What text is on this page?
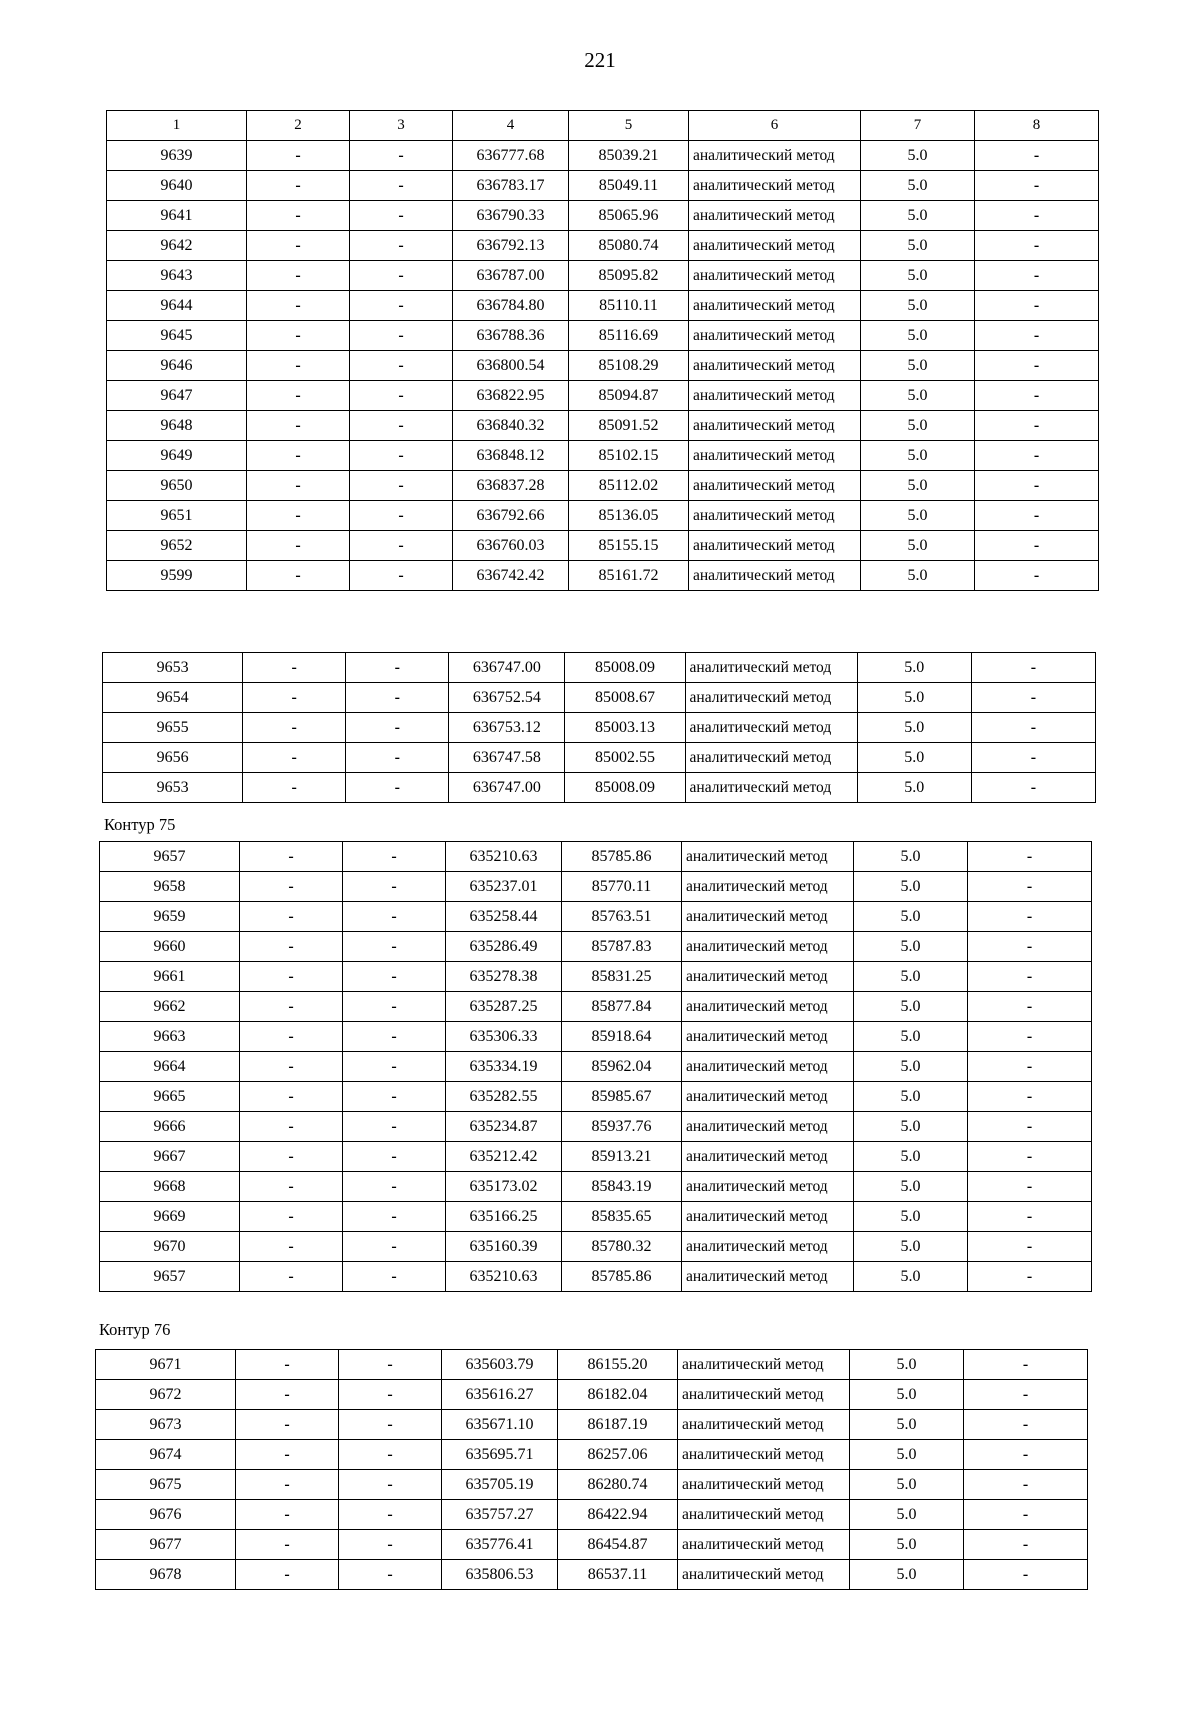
221
1	2	3	4	5	6	7	8
9639	-	-	636777.68	85039.21	аналитический метод	5.0	-
9640	-	-	636783.17	85049.11	аналитический метод	5.0	-
9641	-	-	636790.33	85065.96	аналитический метод	5.0	-
9642	-	-	636792.13	85080.74	аналитический метод	5.0	-
9643	-	-	636787.00	85095.82	аналитический метод	5.0	-
9644	-	-	636784.80	85110.11	аналитический метод	5.0	-
9645	-	-	636788.36	85116.69	аналитический метод	5.0	-
9646	-	-	636800.54	85108.29	аналитический метод	5.0	-
9647	-	-	636822.95	85094.87	аналитический метод	5.0	-
9648	-	-	636840.32	85091.52	аналитический метод	5.0	-
9649	-	-	636848.12	85102.15	аналитический метод	5.0	-
9650	-	-	636837.28	85112.02	аналитический метод	5.0	-
9651	-	-	636792.66	85136.05	аналитический метод	5.0	-
9652	-	-	636760.03	85155.15	аналитический метод	5.0	-
9599	-	-	636742.42	85161.72	аналитический метод	5.0	-
9653	-	-	636747.00	85008.09	аналитический метод	5.0	-
9654	-	-	636752.54	85008.67	аналитический метод	5.0	-
9655	-	-	636753.12	85003.13	аналитический метод	5.0	-
9656	-	-	636747.58	85002.55	аналитический метод	5.0	-
9653	-	-	636747.00	85008.09	аналитический метод	5.0	-
Контур 75
9657	-	-	635210.63	85785.86	аналитический метод	5.0	-
9658	-	-	635237.01	85770.11	аналитический метод	5.0	-
9659	-	-	635258.44	85763.51	аналитический метод	5.0	-
9660	-	-	635286.49	85787.83	аналитический метод	5.0	-
9661	-	-	635278.38	85831.25	аналитический метод	5.0	-
9662	-	-	635287.25	85877.84	аналитический метод	5.0	-
9663	-	-	635306.33	85918.64	аналитический метод	5.0	-
9664	-	-	635334.19	85962.04	аналитический метод	5.0	-
9665	-	-	635282.55	85985.67	аналитический метод	5.0	-
9666	-	-	635234.87	85937.76	аналитический метод	5.0	-
9667	-	-	635212.42	85913.21	аналитический метод	5.0	-
9668	-	-	635173.02	85843.19	аналитический метод	5.0	-
9669	-	-	635166.25	85835.65	аналитический метод	5.0	-
9670	-	-	635160.39	85780.32	аналитический метод	5.0	-
9657	-	-	635210.63	85785.86	аналитический метод	5.0	-
Контур 76
9671	-	-	635603.79	86155.20	аналитический метод	5.0	-
9672	-	-	635616.27	86182.04	аналитический метод	5.0	-
9673	-	-	635671.10	86187.19	аналитический метод	5.0	-
9674	-	-	635695.71	86257.06	аналитический метод	5.0	-
9675	-	-	635705.19	86280.74	аналитический метод	5.0	-
9676	-	-	635757.27	86422.94	аналитический метод	5.0	-
9677	-	-	635776.41	86454.87	аналитический метод	5.0	-
9678	-	-	635806.53	86537.11	аналитический метод	5.0	-
